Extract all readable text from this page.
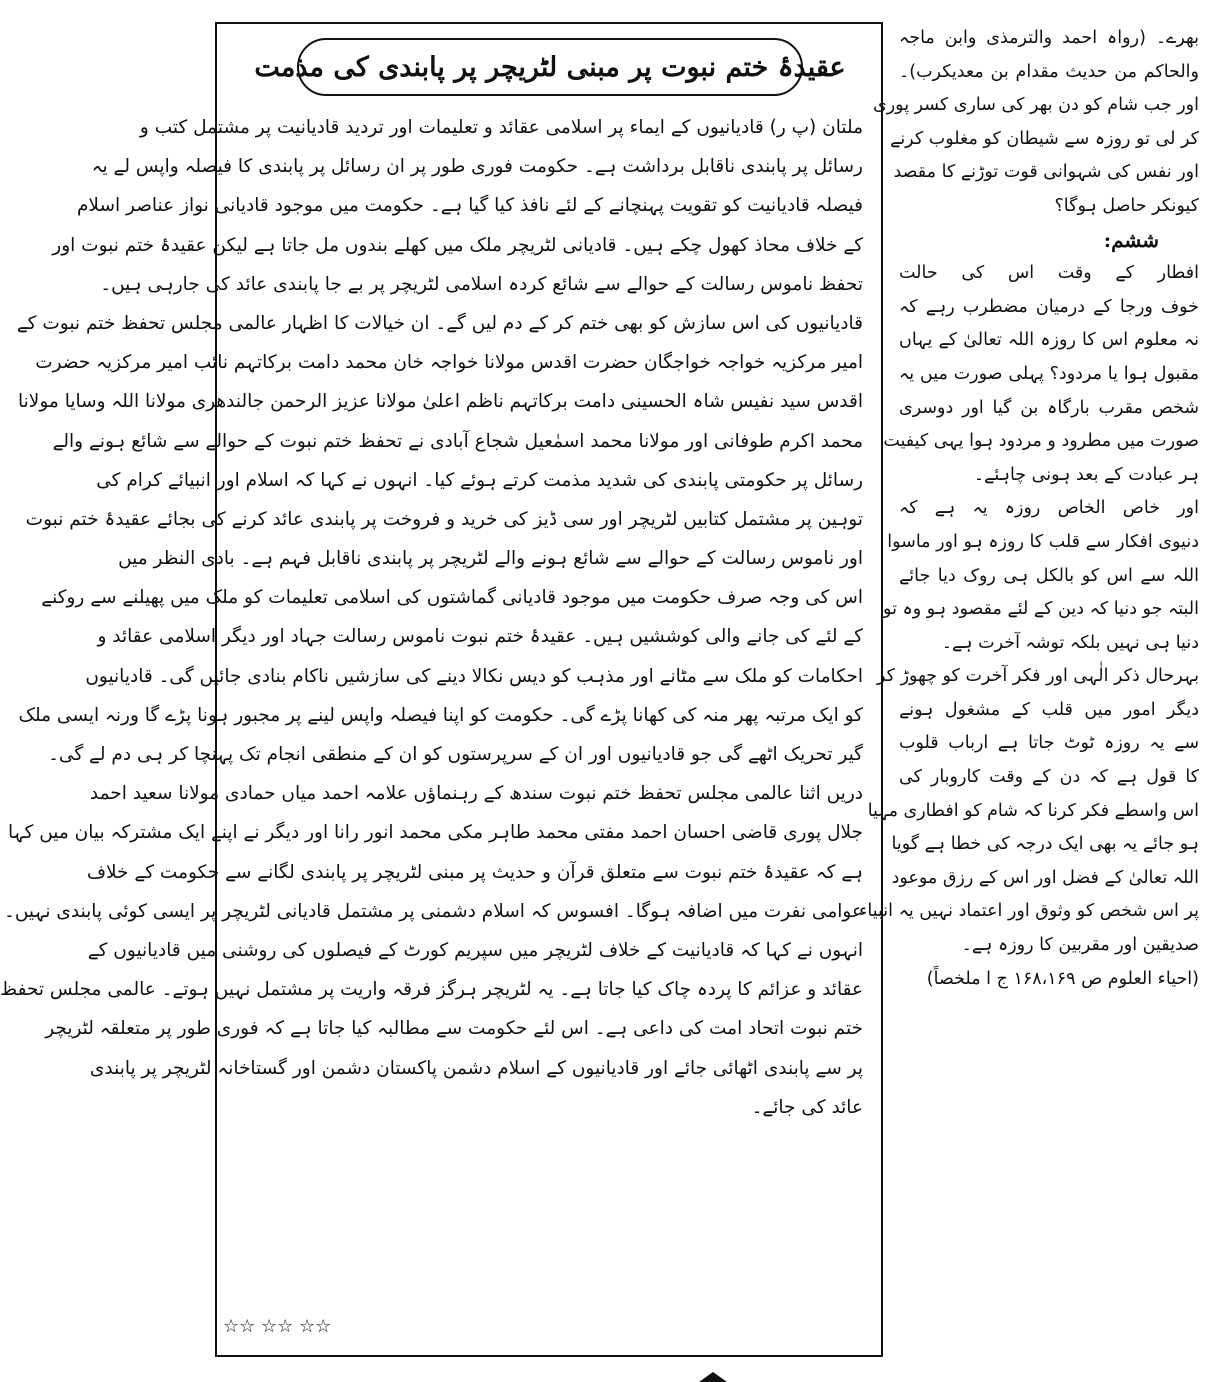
عقیدۂ ختم نبوت پر مبنی لٹریچر پر پابندی کی مذمت
ملتان (پ ر) قادیانیوں کے ایماء پر اسلامی عقائد و تعلیمات اور تردید قادیانیت پر مشتمل کتب و
رسائل پر پابندی ناقابل برداشت ہے۔ حکومت فوری طور پر ان رسائل پر پابندی کا فیصلہ واپس لے یہ
فیصلہ قادیانیت کو تقویت پہنچانے کے لئے نافذ کیا گیا ہے۔ حکومت میں موجود قادیانی نواز عناصر اسلام
کے خلاف محاذ کھول چکے ہیں۔ قادیانی لٹریچر ملک میں کھلے بندوں مل جاتا ہے لیکن عقیدۂ ختم نبوت اور
تحفظ ناموس رسالت کے حوالے سے شائع کردہ اسلامی لٹریچر پر بے جا پابندی عائد کی جارہی ہیں۔
قادیانیوں کی اس سازش کو بھی ختم کر کے دم لیں گے۔ ان خیالات کا اظہار عالمی مجلس تحفظ ختم نبوت کے
امیر مرکزیہ خواجہ خواجگان حضرت اقدس مولانا خواجہ خان محمد دامت برکاتہم نائب امیر مرکزیہ حضرت
اقدس سید نفیس شاہ الحسینی دامت برکاتہم ناظم اعلیٰ مولانا عزیز الرحمن جالندھری مولانا اللہ وسایا مولانا
محمد اکرم طوفانی اور مولانا محمد اسمٰعیل شجاع آبادی نے تحفظ ختم نبوت کے حوالے سے شائع ہونے والے
رسائل پر حکومتی پابندی کی شدید مذمت کرتے ہوئے کیا۔ انہوں نے کہا کہ اسلام اور انبیائے کرام کی
توہین پر مشتمل کتابیں لٹریچر اور سی ڈیز کی خرید و فروخت پر پابندی عائد کرنے کی بجائے عقیدۂ ختم نبوت
اور ناموس رسالت کے حوالے سے شائع ہونے والے لٹریچر پر پابندی ناقابل فہم ہے۔ بادی النظر میں
اس کی وجہ صرف حکومت میں موجود قادیانی گماشتوں کی اسلامی تعلیمات کو ملک میں پھیلنے سے روکنے
کے لئے کی جانے والی کوششیں ہیں۔ عقیدۂ ختم نبوت ناموس رسالت جہاد اور دیگر اسلامی عقائد و
احکامات کو ملک سے مٹانے اور مذہب کو دیس نکالا دینے کی سازشیں ناکام بنادی جائیں گی۔ قادیانیوں
کو ایک مرتبہ پھر منہ کی کھانا پڑے گی۔ حکومت کو اپنا فیصلہ واپس لینے پر مجبور ہونا پڑے گا ورنہ ایسی ملک
گیر تحریک اٹھے گی جو قادیانیوں اور ان کے سرپرستوں کو ان کے منطقی انجام تک پہنچا کر ہی دم لے گی۔
دریں اثنا عالمی مجلس تحفظ ختم نبوت سندھ کے رہنماؤں علامہ احمد میاں حمادی مولانا سعید احمد
جلال پوری قاضی احسان احمد مفتی محمد طاہر مکی محمد انور رانا اور دیگر نے اپنے ایک مشترکہ بیان میں کہا
ہے کہ عقیدۂ ختم نبوت سے متعلق قرآن و حدیث پر مبنی لٹریچر پر پابندی لگانے سے حکومت کے خلاف
عوامی نفرت میں اضافہ ہوگا۔ افسوس کہ اسلام دشمنی پر مشتمل قادیانی لٹریچر پر ایسی کوئی پابندی نہیں۔
انہوں نے کہا کہ قادیانیت کے خلاف لٹریچر میں سپریم کورٹ کے فیصلوں کی روشنی میں قادیانیوں کے
عقائد و عزائم کا پردہ چاک کیا جاتا ہے۔ یہ لٹریچر ہرگز فرقہ واریت پر مشتمل نہیں ہوتے۔ عالمی مجلس تحفظ
ختم نبوت اتحاد امت کی داعی ہے۔ اس لئے حکومت سے مطالبہ کیا جاتا ہے کہ فوری طور پر متعلقہ لٹریچر
پر سے پابندی اٹھائی جائے اور قادیانیوں کے اسلام دشمن پاکستان دشمن اور گستاخانہ لٹریچر پر پابندی
عائد کی جائے۔
بھرے۔ (رواہ احمد والترمذی وابن ماجہ
والحاکم من حدیث مقدام بن معدیکرب)۔
اور جب شام کو دن بھر کی ساری کسر پوری
کر لی تو روزہ سے شیطان کو مغلوب کرنے
اور نفس کی شہوانی قوت توڑنے کا مقصد
کیونکر حاصل ہوگا؟
ششم:
افطار کے وقت اس کی حالت
خوف ورجا کے درمیان مضطرب رہے کہ
نہ معلوم اس کا روزہ اللہ تعالیٰ کے یہاں
مقبول ہوا یا مردود؟ پہلی صورت میں یہ
شخص مقرب بارگاہ بن گیا اور دوسری
صورت میں مطرود و مردود ہوا یہی کیفیت
ہر عبادت کے بعد ہونی چاہئے۔
اور خاص الخاص روزہ یہ ہے کہ
دنیوی افکار سے قلب کا روزہ ہو اور ماسوا
اللہ سے اس کو بالکل ہی روک دیا جائے
البتہ جو دنیا کہ دین کے لئے مقصود ہو وہ تو
دنیا ہی نہیں بلکہ توشہ آخرت ہے۔
بہرحال ذکر الٰہی اور فکر آخرت کو چھوڑ کر
دیگر امور میں قلب کے مشغول ہونے
سے یہ روزہ ٹوٹ جاتا ہے ارباب قلوب
کا قول ہے کہ دن کے وقت کاروبار کی
اس واسطے فکر کرنا کہ شام کو افطاری مہیا
ہو جائے یہ بھی ایک درجہ کی خطا ہے گویا
اللہ تعالیٰ کے فضل اور اس کے رزق موعود
پر اس شخص کو وثوق اور اعتماد نہیں یہ انبیاء
صدیقین اور مقربین کا روزہ ہے۔
(احیاء العلوم ص ۱۶۸،۱۶۹ ج ا ملخصاً)
☆☆ ☆☆ ☆☆
